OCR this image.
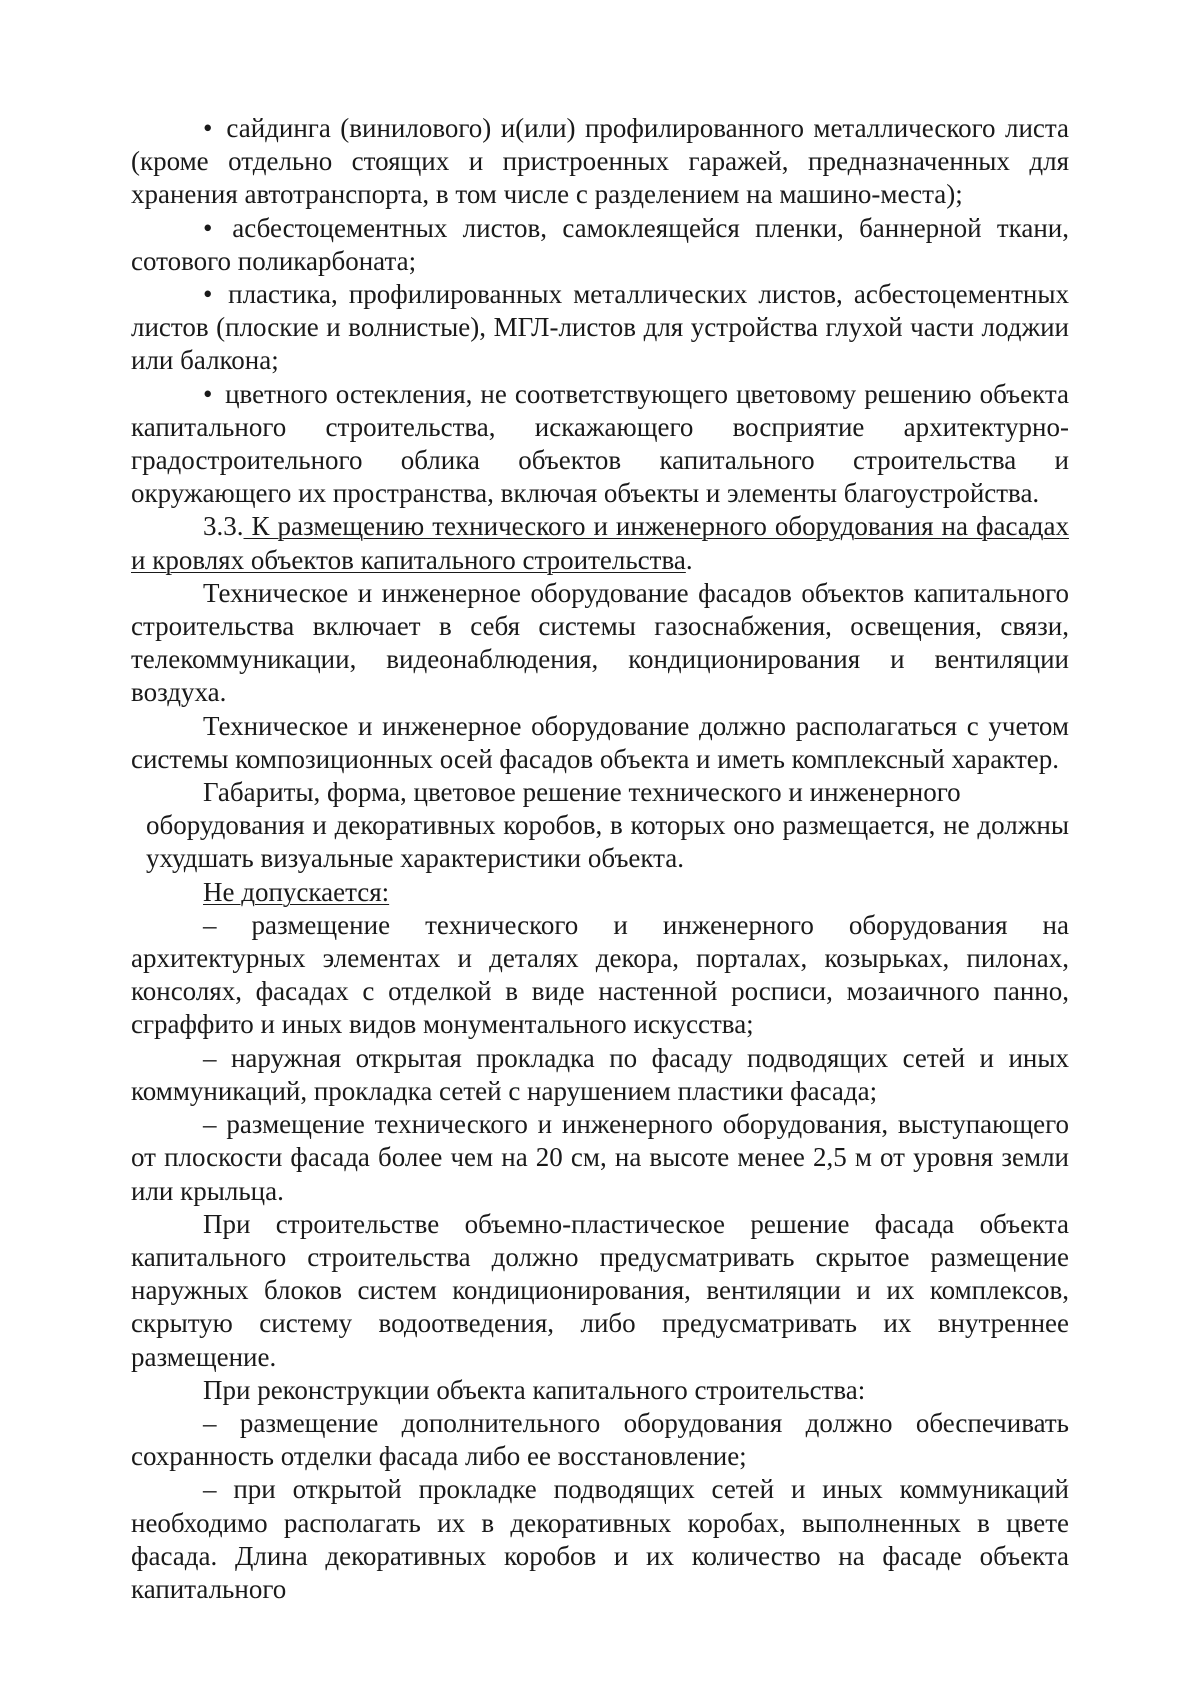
• сайдинга (винилового) и(или) профилированного металлического листа (кроме отдельно стоящих и пристроенных гаражей, предназначенных для хранения автотранспорта, в том числе с разделением на машино-места);

• асбестоцементных листов, самоклеящейся пленки, баннерной ткани, сотового поликарбоната;

• пластика, профилированных металлических листов, асбестоцементных листов (плоские и волнистые), МГЛ-листов для устройства глухой части лоджии или балкона;

• цветного остекления, не соответствующего цветовому решению объекта капитального строительства, искажающего восприятие архитектурно-градостроительного облика объектов капитального строительства и окружающего их пространства, включая объекты и элементы благоустройства.

3.3. К размещению технического и инженерного оборудования на фасадах и кровлях объектов капитального строительства.

Техническое и инженерное оборудование фасадов объектов капитального строительства включает в себя системы газоснабжения, освещения, связи, телекоммуникации, видеонаблюдения, кондиционирования и вентиляции воздуха.

Техническое и инженерное оборудование должно располагаться с учетом системы композиционных осей фасадов объекта и иметь комплексный характер.

Габариты, форма, цветовое решение технического и инженерного

оборудования и декоративных коробов, в которых оно размещается, не должны ухудшать визуальные характеристики объекта.

Не допускается:

– размещение технического и инженерного оборудования на архитектурных элементах и деталях декора, порталах, козырьках, пилонах, консолях, фасадах с отделкой в виде настенной росписи, мозаичного панно, сграффито и иных видов монументального искусства;

– наружная открытая прокладка по фасаду подводящих сетей и иных коммуникаций, прокладка сетей с нарушением пластики фасада;

– размещение технического и инженерного оборудования, выступающего от плоскости фасада более чем на 20 см, на высоте менее 2,5 м от уровня земли или крыльца.

При строительстве объемно-пластическое решение фасада объекта капитального строительства должно предусматривать скрытое размещение наружных блоков систем кондиционирования, вентиляции и их комплексов, скрытую систему водоотведения, либо предусматривать их внутреннее размещение.

При реконструкции объекта капитального строительства:

– размещение дополнительного оборудования должно обеспечивать сохранность отделки фасада либо ее восстановление;

– при открытой прокладке подводящих сетей и иных коммуникаций необходимо располагать их в декоративных коробах, выполненных в цвете фасада. Длина декоративных коробов и их количество на фасаде объекта капитального
